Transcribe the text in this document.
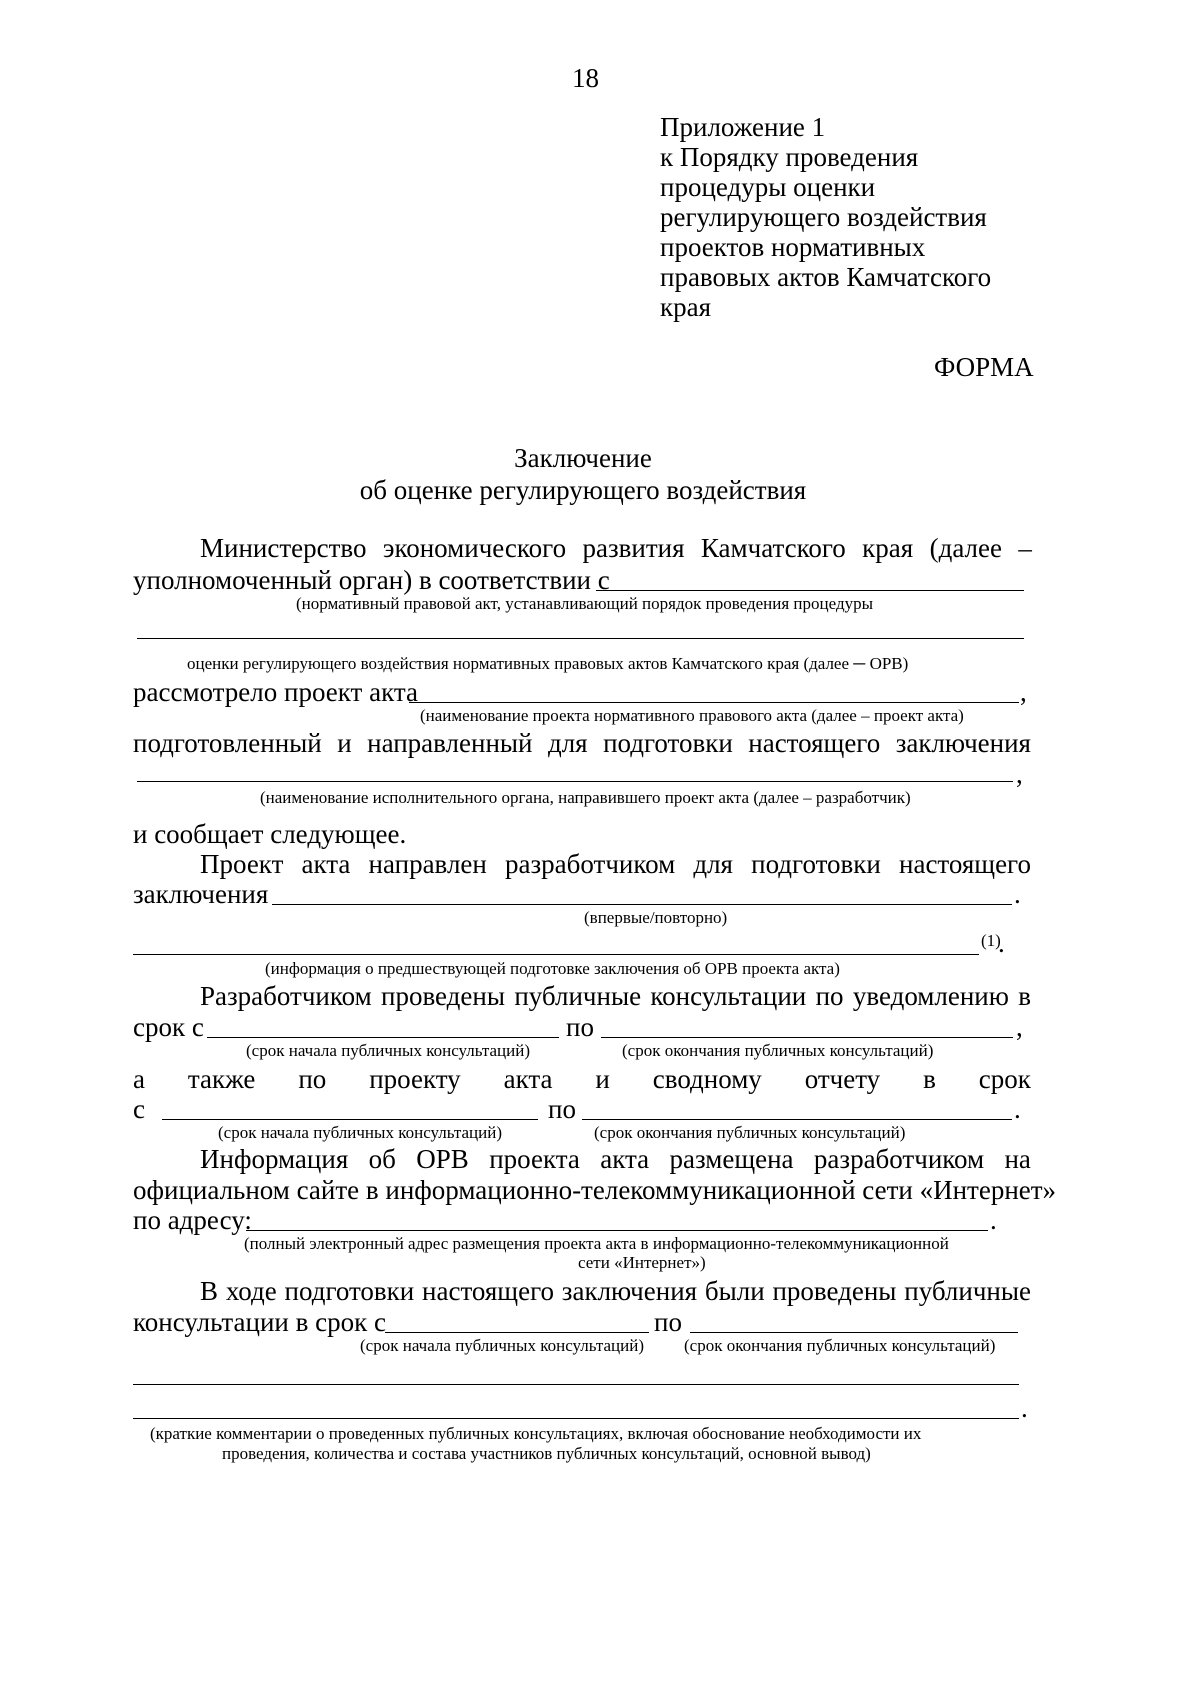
18
Приложение 1
к Порядку проведения
процедуры оценки
регулирующего воздействия
проектов нормативных
правовых актов Камчатского
края
ФОРМА
Заключение
об оценке регулирующего воздействия
Министерство экономического развития Камчатского края (далее –
уполномоченный орган) в соответствии с
(нормативный правовой акт, устанавливающий порядок проведения процедуры
оценки регулирующего воздействия нормативных правовых актов Камчатского края (далее ─ ОРВ)
рассмотрело проект акта	,
(наименование проекта нормативного правового акта (далее – проект акта)
подготовленный и направленный для подготовки настоящего заключения
,
(наименование исполнительного органа, направившего проект акта (далее – разработчик)
и сообщает следующее.
Проект акта направлен разработчиком для подготовки настоящего
заключения	.
(впервые/повторно)
(1)
.
(информация о предшествующей подготовке заключения об ОРВ проекта акта)
Разработчиком проведены публичные консультации по уведомлению в
срок с	по	,
(срок начала публичных консультаций)	(срок окончания публичных консультаций)
а также по проекту акта и сводному отчету в срок
с	по	.
(срок начала публичных консультаций)	(срок окончания публичных консультаций)
Информация об ОРВ проекта акта размещена разработчиком на
официальном сайте в информационно-телекоммуникационной сети «Интернет»
по адресу:	.
(полный электронный адрес размещения проекта акта в информационно-телекоммуникационной
сети «Интернет»)
В ходе подготовки настоящего заключения были проведены публичные
консультации в срок с	по
(срок начала публичных консультаций) (срок окончания публичных консультаций)
.
(краткие комментарии о проведенных публичных консультациях, включая обоснование необходимости их
проведения, количества и состава участников публичных консультаций, основной вывод)
